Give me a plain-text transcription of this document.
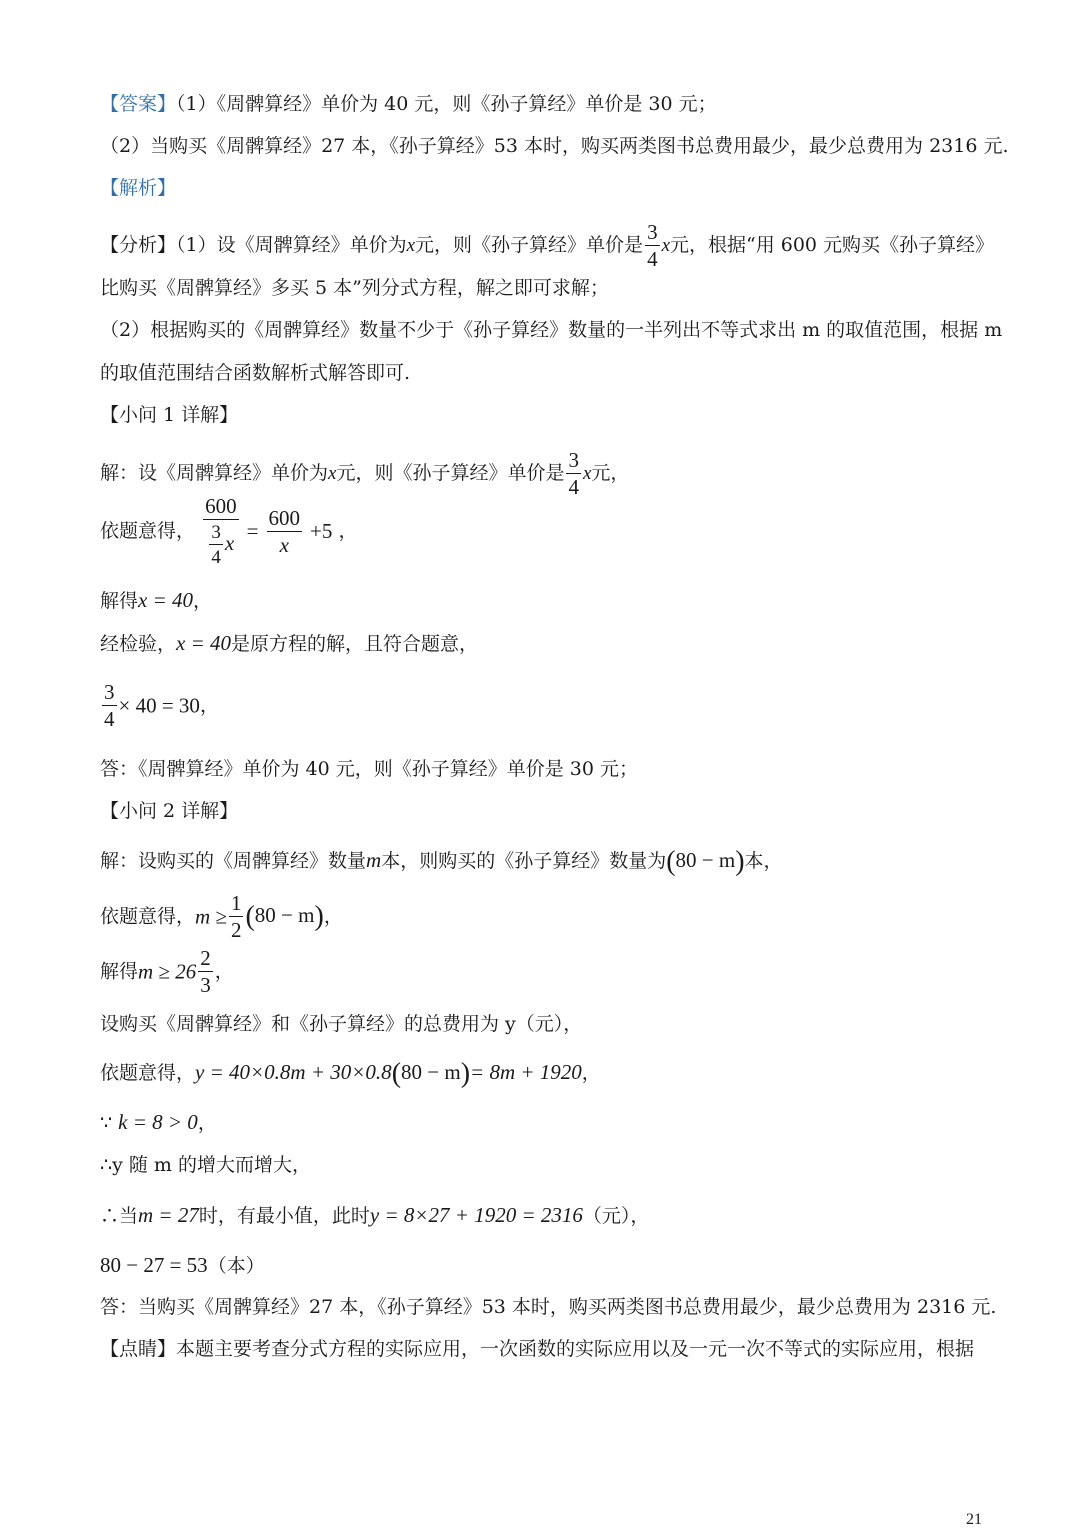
【答案】（1）《周髀算经》单价为 40 元，则《孙子算经》单价是 30 元；
（2）当购买《周髀算经》27 本，《孙子算经》53 本时，购买两类图书总费用最少，最少总费用为 2316 元.
【解析】
【分析】（1）设《周髀算经》单价为x元，则《孙子算经》单价是 $\frac{3}{4}$ x元，根据“用 600 元购买《孙子算经》
比购买《周髀算经》多买 5 本”列分式方程，解之即可求解；
（2）根据购买的《周髀算经》数量不少于《孙子算经》数量的一半列出不等式求出 m 的取值范围，根据 m
的取值范围结合函数解析式解答即可.
【小问 1 详解】
解：设《周髀算经》单价为x元，则《孙子算经》单价是 $\frac{3}{4}$ x元，
依题意得， $\frac{600}{\frac{3}{4} x} = \frac{600}{x} +5$ ，
解得x = 40，
经检验，x = 40是原方程的解，且符合题意，
$\frac{3}{4} \times 40 = 30$，
答：《周髀算经》单价为 40 元，则《孙子算经》单价是 30 元；
【小问 2 详解】
解：设购买的《周髀算经》数量m本，则购买的《孙子算经》数量为(80 − m)本，
依题意得，$m \ge \frac{1}{2} (80 - m)$，
解得$m \ge 26 \frac{2}{3}$ ，
设购买《周髀算经》和《孙子算经》的总费用为 y（元），
依题意得，y = 40×0.8m + 30×0.8(80 − m)= 8m + 1920，
∵ k = 8 > 0，
∴y 随 m 的增大而增大，
∴当m = 27时，有最小值，此时y = 8×27 + 1920 = 2316（元），
80 − 27 = 53（本）
答：当购买《周髀算经》27 本，《孙子算经》53 本时，购买两类图书总费用最少，最少总费用为 2316 元.
【点睛】本题主要考查分式方程的实际应用，一次函数的实际应用以及一元一次不等式的实际应用，根据
21
